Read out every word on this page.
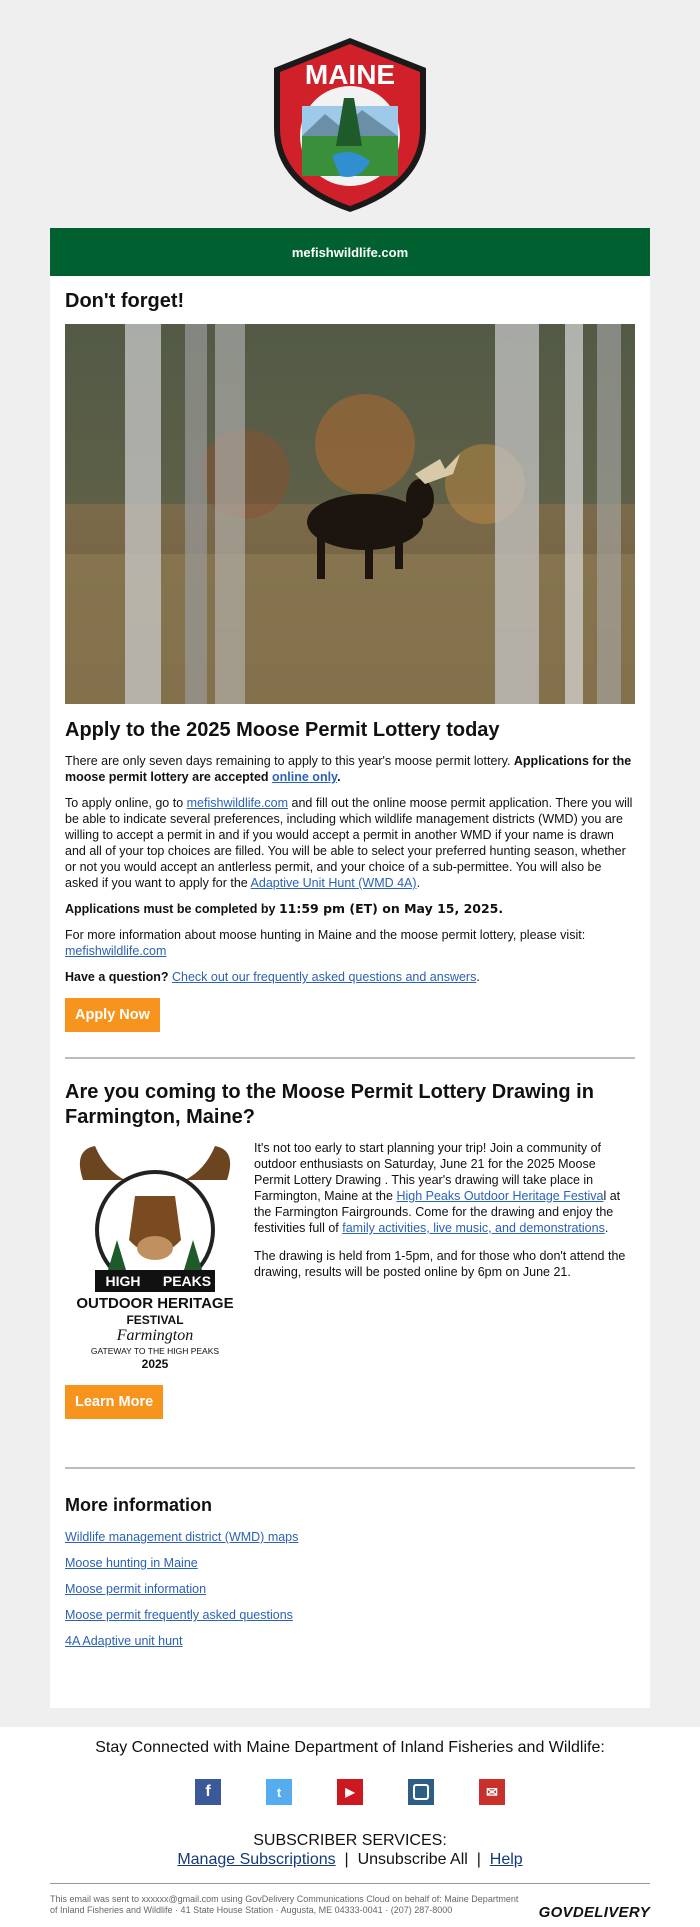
MAINE
mefishwildlife.com
Don't forget!
Apply to the 2025 Moose Permit Lottery today

There are only seven days remaining to apply to this year's moose permit lottery. Applications for the moose permit lottery are accepted online only.

To apply online, go to mefishwildlife.com and fill out the online moose permit application. There you will be able to indicate several preferences, including which wildlife management districts (WMD) you are willing to accept a permit in and if you would accept a permit in another WMD if your name is drawn and all of your top choices are filled. You will be able to select your preferred hunting season, whether or not you would accept an antlerless permit, and your choice of a sub-permittee. You will also be asked if you want to apply for the Adaptive Unit Hunt (WMD 4A).

Applications must be completed by 11:59 pm (ET) on May 15, 2025.

For more information about moose hunting in Maine and the moose permit lottery, please visit:
mefishwildlife.com

Have a question? Check out our frequently asked questions and answers.

Apply Now
Are you coming to the Moose Permit Lottery Drawing in Farmington, Maine?
HIGH PEAKS
OUTDOOR HERITAGE
FESTIVAL
Farmington
GATEWAY TO THE HIGH PEAKS
2025

It's not too early to start planning your trip! Join a community of outdoor enthusiasts on Saturday, June 21 for the 2025 Moose Permit Lottery Drawing . This year's drawing will take place in Farmington, Maine at the High Peaks Outdoor Heritage Festival at the Farmington Fairgrounds. Come for the drawing and enjoy the festivities full of family activities, live music, and demonstrations.

The drawing is held from 1-5pm, and for those who don't attend the drawing, results will be posted online by 6pm on June 21.

Learn More
More information
Wildlife management district (WMD) maps
Moose hunting in Maine
Moose permit information
Moose permit frequently asked questions
4A Adaptive unit hunt
Stay Connected with Maine Department of Inland Fisheries and Wildlife:
f	t	▶	✉
SUBSCRIBER SERVICES:
Manage Subscriptions | Unsubscribe All | Help
This email was sent to xxxxxx@gmail.com using GovDelivery Communications Cloud on behalf of: Maine Department of Inland Fisheries and Wildlife · 41 State House Station · Augusta, ME 04333-0041 · (207) 287-8000	GOVDELIVERY
